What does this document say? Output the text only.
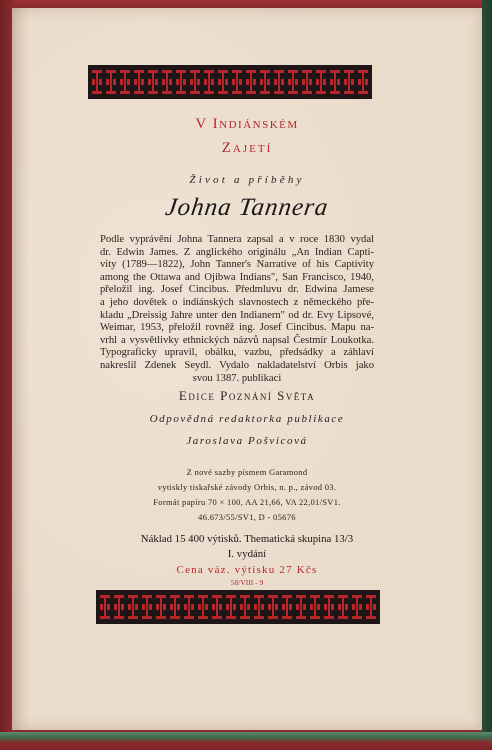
V Indiánském
Zajetí
Život a příběhy
Johna Tannera
Podle vyprávění Johna Tannera zapsal a v roce 1830 vydal
dr. Edwin James. Z anglického originálu „An Indian Capti-
vity (1789—1822), John Tanner's Narrative of his Captivity
among the Ottawa and Ojibwa Indians", San Francisco, 1940,
přeložil ing. Josef Cincibus. Předmluvu dr. Edwina Jamese
a jeho dovětek o indiánských slavnostech z německého pře-
kladu „Dreissig Jahre unter den Indianern" od dr. Evy Lipsové,
Weimar, 1953, přeložil rovněž ing. Josef Cincibus. Mapu na-
vrhl a vysvětlivky ethnických názvů napsal Čestmír Loukotka.
Typograficky upravil, obálku, vazbu, předsádky a záhlaví
nakreslil Zdenek Seydl. Vydalo nakladatelství Orbis jako
svou 1387. publikaci
Edice Poznání Světa
Odpovědná redaktorka publikace
Jaroslava Pošvicová
Z nové sazby písmem Garamond
vytiskly tiskařské závody Orbis, n. p., závod 03.
Formát papíru 70 × 100, AA 21,66, VA 22,01/SV1.
46.673/55/SV1, D - 05676
Náklad 15 400 výtisků. Thematická skupina 13/3
I. vydání
Cena váz. výtisku 27 Kčs
58/VIII - 9
